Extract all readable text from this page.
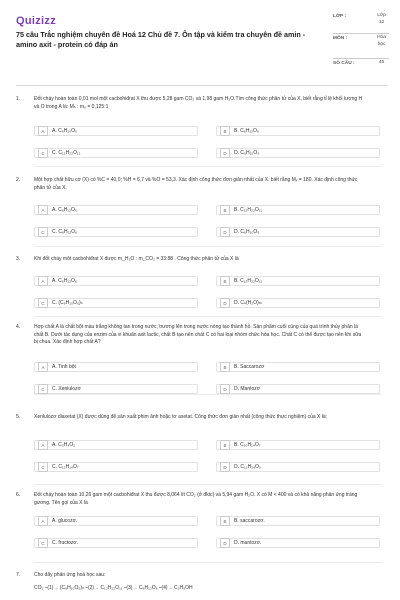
Quizizz
75 câu Trắc nghiệm chuyên đề Hoá 12 Chủ đề 7. Ôn tập và kiểm tra chuyên đề amin - amino axit - protein có đáp án
LỚP :	Lớp 12
MÔN :	Hóa học
SỐ CÂU :	45
1.	Đốt cháy hoàn toàn 0,01 mol một cacbohiđrat X thu được 5,28 gam CO₂ và 1,98 gam H₂O.Tìm công thức phân tử của X, biết rằng tỉ lệ khối lượng H và O trong A là: Mₕ : mₒ = 0,125:1
A	A. C₆H₁₀O₅	B	B. C₆H₁₂O₆
C	C. C₁₂H₂₂O₁₁	D	D. C₅H₁₀O₅
2.	Một hợp chất hữu cơ (X) có %C = 40,0; %H = 6,7 và %O = 53,3. Xác định công thức đơn giản nhất của X. biết rằng Mₓ = 180. Xác định công thức phân tử của X.
A	A. C₆H₁₂O₆	B	B. C₁₂H₂₂O₁₁
C	C. C₆H₁₂O₆	D	D. C₆H₁₀O₅
3.	Khi đốt cháy một cacbohiđrat X được m_H₂O : m_CO₂ = 33:88 . Công thức phân tử của X là
A	A. C₆H₁₂O₆	B	B. C₁₂H₂₂O₁₁
C	C. (C₆H₁₀O₅)ₙ	D	D. Cₙ(H₂O)ₘ
4.	Hợp chất A là chất bột màu trắng không tan trong nước, trương lên trong nước nóng tạo thành hồ. Sản phẩm cuối cùng của quá trình thủy phân là chất B. Dưới tác dụng của enzim của vi khuẩn axit lactic, chất B tạo nên chất C có hai loại nhóm chức hóa học. Chất C có thể được tạo nên khi sữa bị chua. Xác định hợp chất A?
A	A. Tinh bột	B	B. Saccarozơ
C	C. Xenlulozơ	D	D. Mantozơ
5.	Xenlulozơ diaxetat (X) được dùng để sản xuất phim ảnh hoặc tơ axetat. Công thức đơn giản nhất (công thức thực nghiệm) của X là:
A	A. C₃H₄O₂	B	B. C₁₀H₁₄O₇
C	C. C₁₂H₁₄O₇	D	D. C₁₂H₁₄O₅
6.	Đốt cháy hoàn toàn 10,26 gam một cacbohiđrat X thu được 8,064 lít CO₂ (ở đktc) và 5,94 gam H₂O. X có M < 400 và có khả năng phản ứng tráng gương. Tên gọi của X là
A	A. glucozơ.	B	B. saccarozơ.
C	C. fructozơ.	D	D. mantozơ.
7.	Cho dãy phản ứng hoá học sau:
CO₂ ⎯(1)→ (C₆H₁₀O₅)ₙ ⎯(2)→ C₁₂H₂₂O₁₁ ⎯(3)→ C₆H₁₂O₆ ⎯(4)→ C₂H₅OH
